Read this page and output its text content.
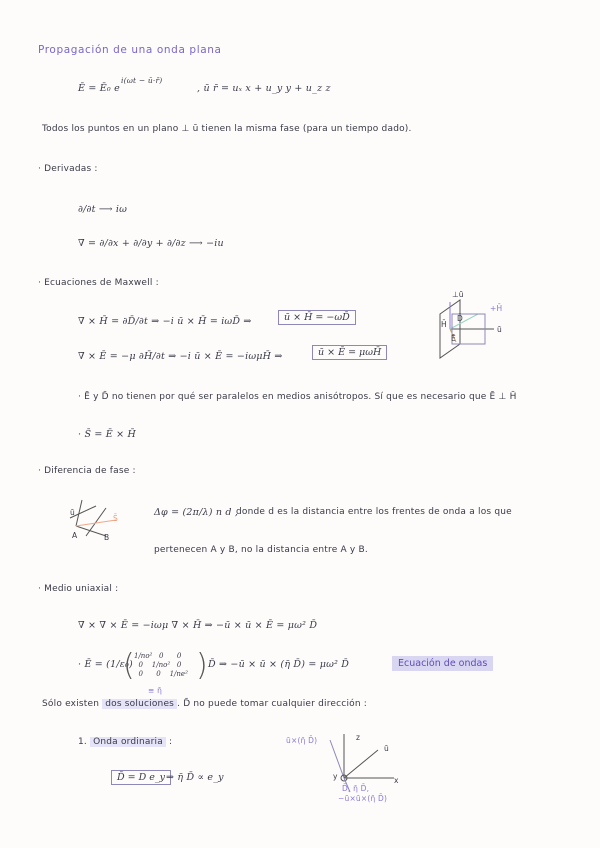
Propagación de una onda plana
Ē = Ē₀ e
i(ωt − ū·r̄)
, ū r̄ = uₓ x + u_y y + u_z z
Todos los puntos en un plano ⊥ ū tienen la misma fase (para un tiempo dado).
· Derivadas :
∂/∂t ⟶ iω
∇̄ = ∂/∂x + ∂/∂y + ∂/∂z ⟶ −iu
· Ecuaciones de Maxwell :
∇̄ × H̄ = ∂D̄/∂t ⇒ −i ū × H̄ = iωD̄ ⇒	ū × H̄ = −ωD̄
∇̄ × Ē = −μ ∂H̄/∂t ⇒ −i ū × Ē = −iωμH̄ ⇒	ū × Ē = μωH̄
⊥ū
+H̄
ū
H̄
D̄
Ē
· Ē y D̄ no tienen por qué ser paralelos en medios anisótropos. Sí que es necesario que Ē ⊥ H̄
· S̄ = Ē × H̄
· Diferencia de fase :
ū
S̄
A	B
Δφ = (2π/λ) n d ,
donde d es la distancia entre los frentes de onda a los que
pertenecen A y B, no la distancia entre A y B.
· Medio uniaxial :
∇̄ × ∇̄ × Ē = −iωμ ∇̄ × H̄ ⇒ −ū × ū × Ē = μω² D̄
· Ē = (1/ε₀)
( 1/no²   0      0
0    1/no²   0
0      0    1/ne² ) D̄ ⇒ −ū × ū × (η̄ D̄) = μω² D̄	Ecuación de ondas
≡ η̄
Sólo existen dos soluciones . D̄ no puede tomar cualquier dirección :
1. Onda ordinaria :
D̄ = D e_y ⇒ η̄ D̄ ∝ e_y
ū×(η̄ D̄)	z
ū
y	x
D̄, η̄ D̄,
−ū×ū×(η̄ D̄)
